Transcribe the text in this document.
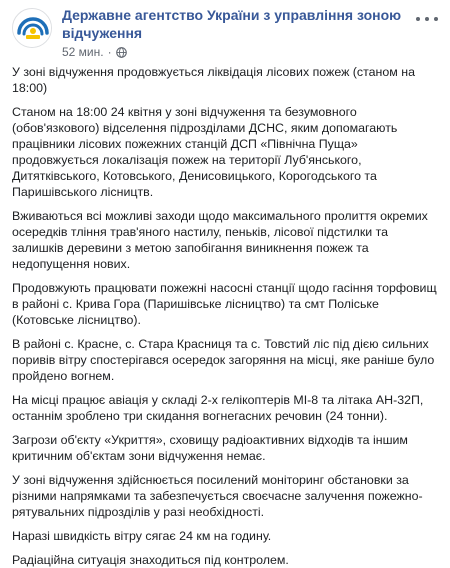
Державне агентство України з управління зоною відчуження
52 мин. ·

У зоні відчуження продовжується ліквідація лісових пожеж (станом на 18:00)

Станом на 18:00 24 квітня у зоні відчуження та безумовного (обов'язкового) відселення підрозділами ДСНС, яким допомагають працівники лісових пожежних станцій ДСП «Північна Пуща» продовжується локалізація пожеж на території Луб'янського, Дитятківського, Котовського, Денисовицького, Корогодського та Паришівського лісництв.

Вживаються всі можливі заходи щодо максимального пролиття окремих осередків тління трав'яного настилу, пеньків, лісової підстилки та залишків деревини з метою запобігання виникнення пожеж та недопущення нових.

Продовжують працювати пожежні насосні станції щодо гасіння торфовищ в районі с. Крива Гора (Паришівське лісництво) та смт Поліське (Котовське лісництво).

В районі с. Красне, с. Стара Красниця та с. Товстий ліс під дією сильних поривів вітру спостерігався осередок загоряння на місці, яке раніше було пройдено вогнем.

На місці працює авіація у складі 2-х гелікоптерів МІ-8 та літака АН-32П, останнім зроблено три скидання вогнегасних речовин (24 тонни).

Загрози об'єкту «Укриття», сховищу радіоактивних відходів та іншим критичним об'єктам зони відчуження немає.

У зоні відчуження здійснюється посилений моніторинг обстановки за різними напрямками та забезпечується своєчасне залучення пожежно-рятувальних підрозділів у разі необхідності.

Наразі швидкість вітру сягає 24 км на годину.

Радіаційна ситуація знаходиться під контролем.
